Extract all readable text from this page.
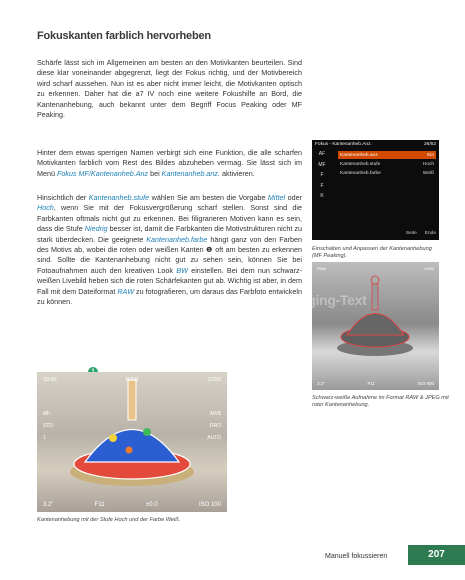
Fokuskanten farblich hervorheben
Schärfe lässt sich im Allgemeinen am besten an den Motivkanten beurteilen. Sind diese klar voneinander abgegrenzt, liegt der Fokus richtig, und der Motivbereich wird scharf aussehen. Nun ist es aber nicht immer leicht, die Motivkanten optisch zu erkennen. Daher hat die a7 IV noch eine weitere Fokushilfe an Bord, die Kantenanhebung, auch bekannt unter dem Begriff Focus Peaking oder MF Peaking.
Hinter dem etwas sperrigen Namen verbirgt sich eine Funktion, die alle scharfen Motivkanten farblich vom Rest des Bildes abzuheben vermag. Sie lässt sich im Menü Fokus MF/Kantenanheb.Anz bei Kantenanheb.anz. aktivieren.
Hinsichtlich der Kantenanheb.stufe wählen Sie am besten die Vorgabe Mittel oder Hoch, wenn Sie mit der Fokusvergrößerung scharf stellen. Sonst sind die Farbkanten oftmals nicht gut zu erkennen. Bei filigraneren Motiven kann es sein, dass die Stufe Niedrig besser ist, damit die Farbkanten die Motivstrukturen nicht zu stark überdecken. Die geeignete Kantenanheb.farbe hängt ganz von den Farben des Motivs ab, wobei die roten oder weißen Kanten ❶ oft am besten zu erkennen sind. Sollte die Kantenanhebung nicht gut zu sehen sein, können Sie bei Fotoaufnahmen auch den kreativen Look BW einstellen. Bei dem nun schwarz-weißen Livebild heben sich die roten Schärfekanten gut ab. Wichtig ist aber, in dem Fall mit dem Dateiformat RAW zu fotografieren, um daraus das Farbfoto entwickeln zu können.
Fokus - Kantenanheb.Anz.	26/62
AF
MF
F
F
K
Kantenanheb.anz.	Ein
Kantenanheb.stufe	Hoch
Kantenanheb.farbe	Weiß
Seite Ende
Einschalten und Anpassen der Kantenanhebung (MF Peaking).
Imaging-Text
RAW	1/250
3.2"	F11	ISO 800
Schwarz-weiße Aufnahme im Format RAW & JPEG mit roter Kantenanhebung.
33:00	RAW	1/250
MF
STD
1
AWB
DRO
AUTO
3.2"	F11	±0.0	ISO 100
Kantenanhebung mit der Stufe Hoch und der Farbe Weiß.
Manuell fokussieren	207
